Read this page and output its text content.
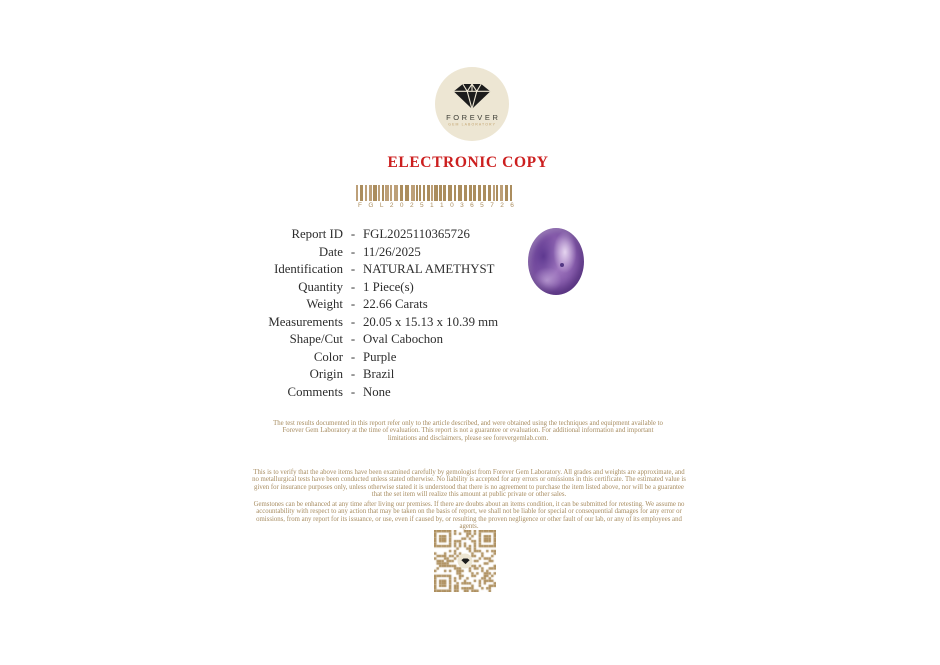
FOREVER
GEM LABORATORY
ELECTRONIC COPY
F G L 2 0 2 5 1 1 0 3 6 5 7 2 6
Report ID - FGL2025110365726
Date - 11/26/2025
Identification - NATURAL AMETHYST
Quantity - 1 Piece(s)
Weight - 22.66 Carats
Measurements - 20.05 x 15.13 x 10.39 mm
Shape/Cut - Oval Cabochon
Color - Purple
Origin - Brazil
Comments - None
The test results documented in this report refer only to the article described, and were obtained using the techniques and equipment available to Forever Gem Laboratory at the time of evaluation. This report is not a guarantee or evaluation. For additional information and important limitations and disclaimers, please see forevergemlab.com.
This is to verify that the above items have been examined carefully by gemologist from Forever Gem Laboratory. All grades and weights are approximate, and no metallurgical tests have been conducted unless stated otherwise. No liability is accepted for any errors or omissions in this certificate. The estimated value is given for insurance purposes only, unless otherwise stated it is understood that there is no agreement to purchase the item listed above, nor will be a guarantee that the set item will realize this amount at public private or other sales.
Gemstones can be enhanced at any time after living our premises. If there are doubts about an items condition, it can be submitted for retesting. We assume no accountability with respect to any action that may be taken on the basis of report, we shall not be liable for special or consequential damages for any error or omissions, from any report for its issuance, or use, even if caused by, or resulting the proven negligence or other fault of our lab, or any of its employees and agents.
